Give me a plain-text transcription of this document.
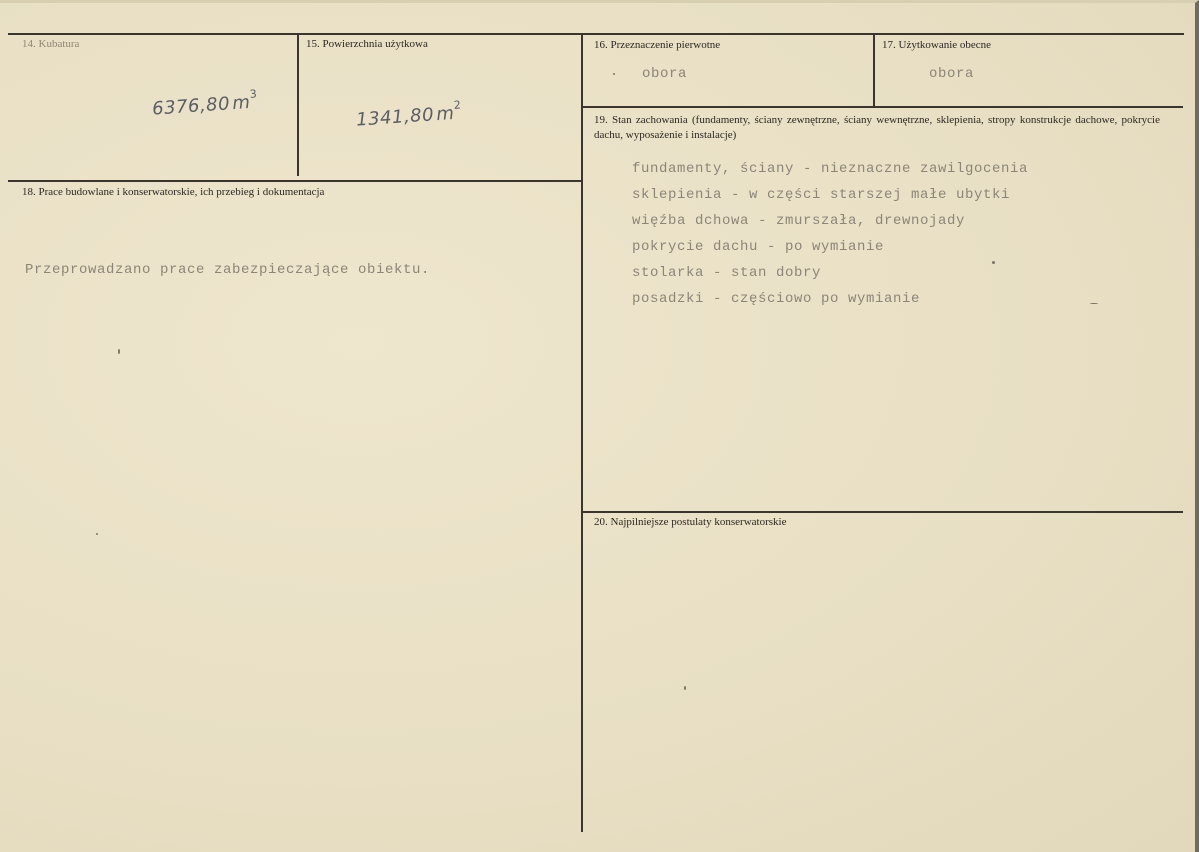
14. Kubatura
6376,80 $m^3$
15. Powierzchnia użytkowa
1341,80 $m^2$
16. Przeznaczenie pierwotne
obora
17. Użytkowanie obecne
obora
18. Prace budowlane i konserwatorskie, ich przebieg i dokumentacja
Przeprowadzano prace zabezpieczające obiektu.
19. Stan zachowania (fundamenty, ściany zewnętrzne, ściany wewnętrzne, sklepienia, stropy konstrukcje dachowe, pokrycie dachu, wyposażenie i instalacje)
fundamenty, ściany - nieznaczne zawilgocenia
sklepienia - w części starszej małe ubytki
więźba dchowa - zmurszała, drewnojady
pokrycie dachu - po wymianie
stolarka - stan dobry
posadzki - częściowo po wymianie
20. Najpilniejsze postulaty konserwatorskie
